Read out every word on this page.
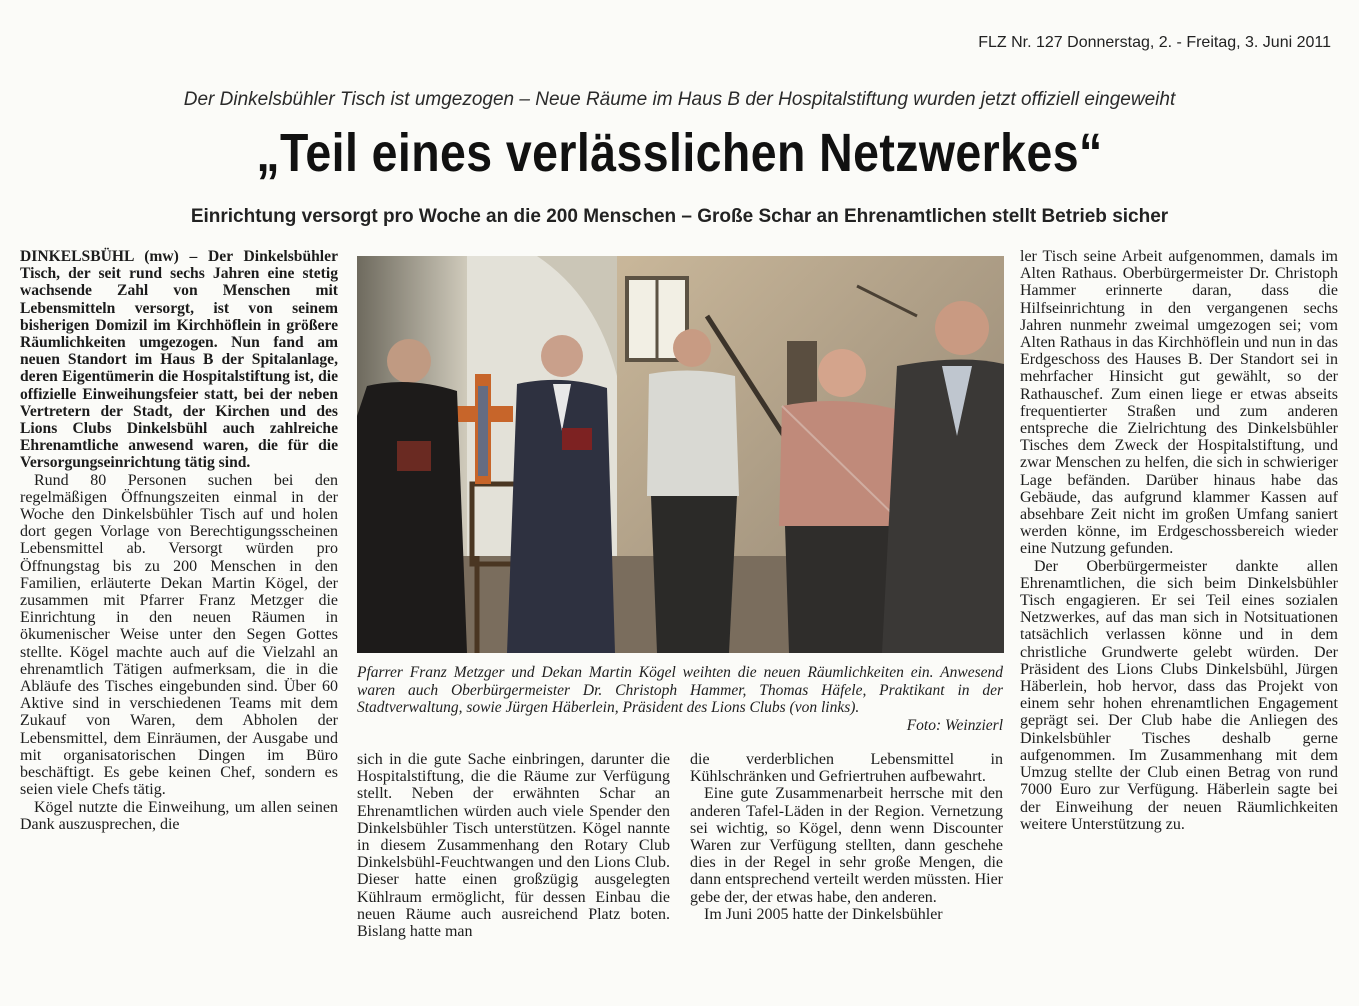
FLZ Nr. 127 Donnerstag, 2. - Freitag, 3. Juni 2011
Der Dinkelsbühler Tisch ist umgezogen – Neue Räume im Haus B der Hospitalstiftung wurden jetzt offiziell eingeweiht
„Teil eines verlässlichen Netzwerkes“
Einrichtung versorgt pro Woche an die 200 Menschen – Große Schar an Ehrenamtlichen stellt Betrieb sicher

DINKELSBÜHL (mw) – Der Dinkelsbühler Tisch, der seit rund sechs Jahren eine stetig wachsende Zahl von Menschen mit Lebensmitteln versorgt, ist von seinem bisherigen Domizil im Kirchhöflein in größere Räumlichkeiten umgezogen. Nun fand am neuen Standort im Haus B der Spitalanlage, deren Eigentümerin die Hospitalstiftung ist, die offizielle Einweihungsfeier statt, bei der neben Vertretern der Stadt, der Kirchen und des Lions Clubs Dinkelsbühl auch zahlreiche Ehrenamtliche anwesend waren, die für die Versorgungseinrichtung tätig sind.

Rund 80 Personen suchen bei den regelmäßigen Öffnungszeiten einmal in der Woche den Dinkelsbühler Tisch auf und holen dort gegen Vorlage von Berechtigungsscheinen Lebensmittel ab. Versorgt würden pro Öffnungstag bis zu 200 Menschen in den Familien, erläuterte Dekan Martin Kögel, der zusammen mit Pfarrer Franz Metzger die Einrichtung in den neuen Räumen in ökumenischer Weise unter den Segen Gottes stellte. Kögel machte auch auf die Vielzahl an ehrenamtlich Tätigen aufmerksam, die in die Abläufe des Tisches eingebunden sind. Über 60 Aktive sind in verschiedenen Teams mit dem Zukauf von Waren, dem Abholen der Lebensmittel, dem Einräumen, der Ausgabe und mit organisatorischen Dingen im Büro beschäftigt. Es gebe keinen Chef, sondern es seien viele Chefs tätig.

Kögel nutzte die Einweihung, um allen seinen Dank auszusprechen, die

Pfarrer Franz Metzger und Dekan Martin Kögel weihten die neuen Räumlichkeiten ein. Anwesend waren auch Oberbürgermeister Dr. Christoph Hammer, Thomas Häfele, Praktikant in der Stadtverwaltung, sowie Jürgen Häberlein, Präsident des Lions Clubs (von links).
Foto: Weinzierl

sich in die gute Sache einbringen, darunter die Hospitalstiftung, die die Räume zur Verfügung stellt. Neben der erwähnten Schar an Ehrenamtlichen würden auch viele Spender den Dinkelsbühler Tisch unterstützen. Kögel nannte in diesem Zusammenhang den Rotary Club Dinkelsbühl-Feuchtwangen und den Lions Club. Dieser hatte einen großzügig ausgelegten Kühlraum ermöglicht, für dessen Einbau die neuen Räume auch ausreichend Platz boten. Bislang hatte man

die verderblichen Lebensmittel in Kühlschränken und Gefriertruhen aufbewahrt.

Eine gute Zusammenarbeit herrsche mit den anderen Tafel-Läden in der Region. Vernetzung sei wichtig, so Kögel, denn wenn Discounter Waren zur Verfügung stellten, dann geschehe dies in der Regel in sehr große Mengen, die dann entsprechend verteilt werden müssten. Hier gebe der, der etwas habe, den anderen.

Im Juni 2005 hatte der Dinkelsbühler

ler Tisch seine Arbeit aufgenommen, damals im Alten Rathaus. Oberbürgermeister Dr. Christoph Hammer erinnerte daran, dass die Hilfseinrichtung in den vergangenen sechs Jahren nunmehr zweimal umgezogen sei; vom Alten Rathaus in das Kirchhöflein und nun in das Erdgeschoss des Hauses B. Der Standort sei in mehrfacher Hinsicht gut gewählt, so der Rathauschef. Zum einen liege er etwas abseits frequentierter Straßen und zum anderen entspreche die Zielrichtung des Dinkelsbühler Tisches dem Zweck der Hospitalstiftung, und zwar Menschen zu helfen, die sich in schwieriger Lage befänden. Darüber hinaus habe das Gebäude, das aufgrund klammer Kassen auf absehbare Zeit nicht im großen Umfang saniert werden könne, im Erdgeschossbereich wieder eine Nutzung gefunden.

Der Oberbürgermeister dankte allen Ehrenamtlichen, die sich beim Dinkelsbühler Tisch engagieren. Er sei Teil eines sozialen Netzwerkes, auf das man sich in Notsituationen tatsächlich verlassen könne und in dem christliche Grundwerte gelebt würden. Der Präsident des Lions Clubs Dinkelsbühl, Jürgen Häberlein, hob hervor, dass das Projekt von einem sehr hohen ehrenamtlichen Engagement geprägt sei. Der Club habe die Anliegen des Dinkelsbühler Tisches deshalb gerne aufgenommen. Im Zusammenhang mit dem Umzug stellte der Club einen Betrag von rund 7000 Euro zur Verfügung. Häberlein sagte bei der Einweihung der neuen Räumlichkeiten weitere Unterstützung zu.
